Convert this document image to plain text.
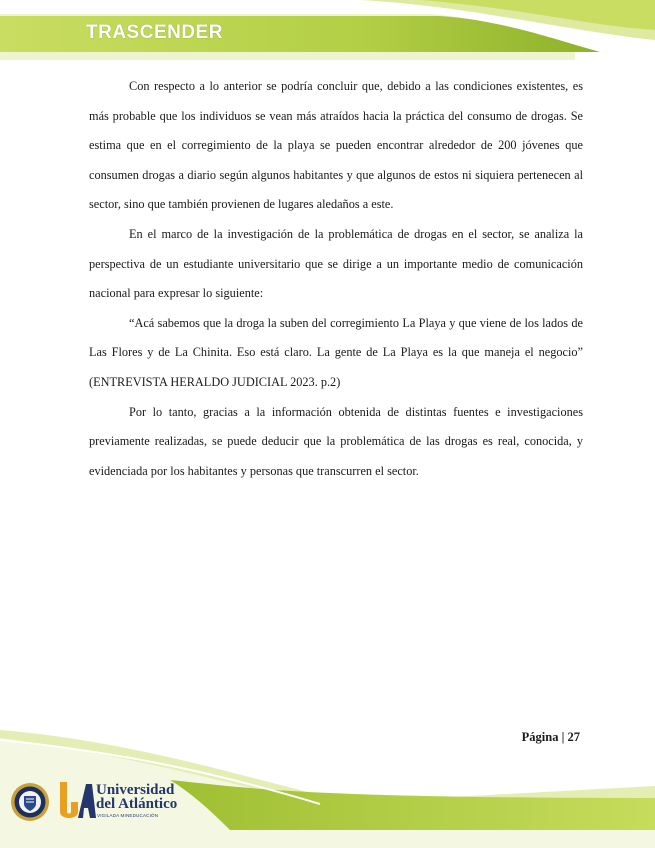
TRASCENDER

Con respecto a lo anterior se podría concluir que, debido a las condiciones existentes, es más probable que los individuos se vean más atraídos hacia la práctica del consumo de drogas. Se estima que en el corregimiento de la playa se pueden encontrar alrededor de 200 jóvenes que consumen drogas a diario según algunos habitantes y que algunos de estos ni siquiera pertenecen al sector, sino que también provienen de lugares aledaños a este.

En el marco de la investigación de la problemática de drogas en el sector, se analiza la perspectiva de un estudiante universitario que se dirige a un importante medio de comunicación nacional para expresar lo siguiente:

“Acá sabemos que la droga la suben del corregimiento La Playa y que viene de los lados de Las Flores y de La Chinita. Eso está claro. La gente de La Playa es la que maneja el negocio” (ENTREVISTA HERALDO JUDICIAL 2023. p.2)

Por lo tanto, gracias a la información obtenida de distintas fuentes e investigaciones previamente realizadas, se puede deducir que la problemática de las drogas es real, conocida, y evidenciada por los habitantes y personas que transcurren el sector.

Página | 27
Universidad
del Atlántico
VIGILADA MINEDUCACIÓN
